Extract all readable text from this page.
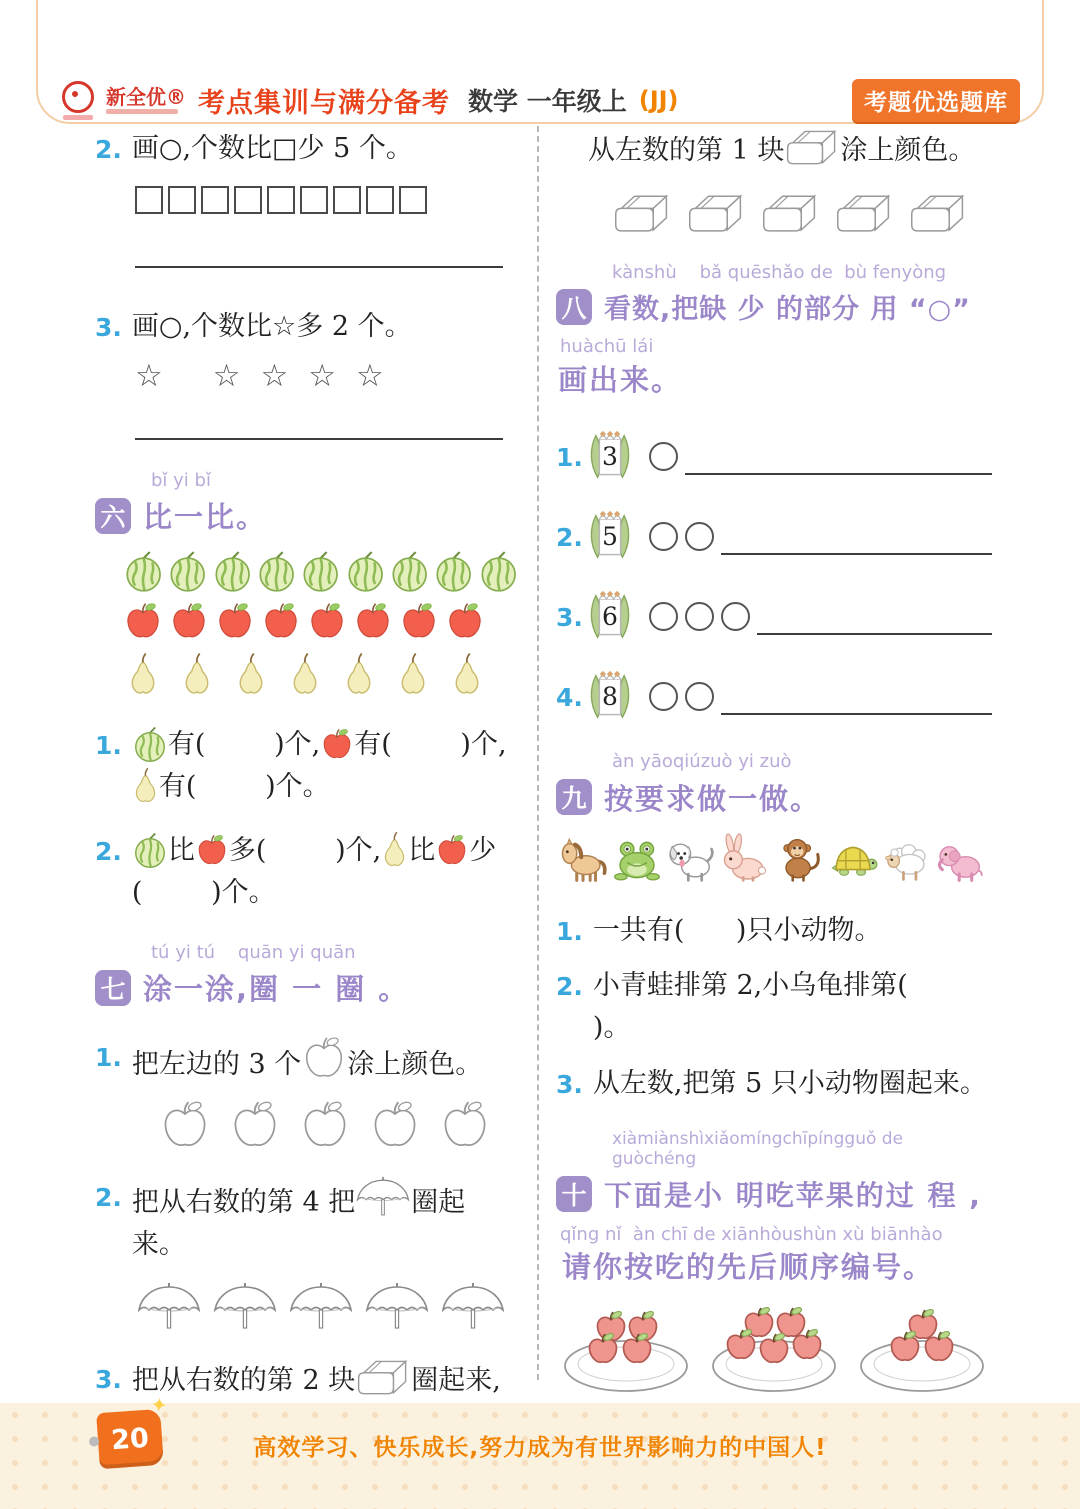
新全优® 考点集训与满分备考 数学 一年级上 (JJ)	考题优选题库
2. 画○,个数比□少 5 个。
3. 画○,个数比☆多 2 个。
☆ ☆☆☆☆
bǐ yi bǐ
六 比一比。
1.	有(        )个, 有(        )个,
有(        )个。
2.	比 多(        )个, 比 少
(        )个。
tú yi tú    quān yi quān
七 涂一涂,圈 一 圈 。
1. 把左边的 3 个 涂上颜色。
2. 把从右数的第 4 把 圈起来。
3. 把从右数的第 2 块 圈起来,
从左数的第 1 块 涂上颜色。
kànshù    bǎ quēshǎo de  bù fenyòng
八 看数,把缺 少 的部分 用 “○”
huàchū lái
画出来。
1. 3
2. 5
3. 6
4. 8
àn yāoqiúzuò yi zuò
九 按要求做一做。
1. 一共有(      )只小动物。
2. 小青蛙排第 2,小乌龟排第(      )。
3. 从左数,把第 5 只小动物圈起来。
xiàmiànshìxiǎomíngchīpíngguǒ de guòchéng
十 下面是小 明吃苹果的过 程 ,
qǐng nǐ  àn chī de xiānhòushùn xù biānhào
请你按吃的先后顺序编号。
20
✦	高效学习、快乐成长,努力成为有世界影响力的中国人!
